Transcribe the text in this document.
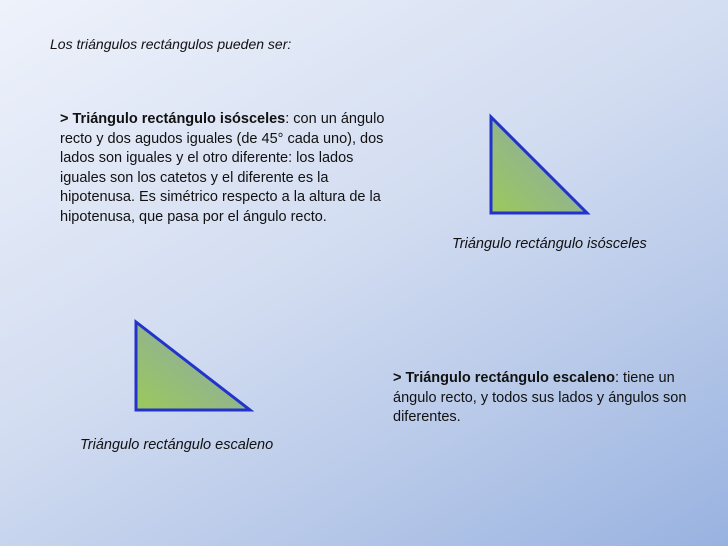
Los triángulos rectángulos pueden ser:
> Triángulo rectángulo isósceles: con un ángulo recto y dos agudos iguales (de 45° cada uno), dos lados son iguales y el otro diferente: los lados iguales son los catetos y el diferente es la hipotenusa. Es simétrico respecto a la altura de la hipotenusa, que pasa por el ángulo recto.
Triángulo rectángulo isósceles
> Triángulo rectángulo escaleno: tiene un ángulo recto, y todos sus lados y ángulos son diferentes.
Triángulo rectángulo escaleno
